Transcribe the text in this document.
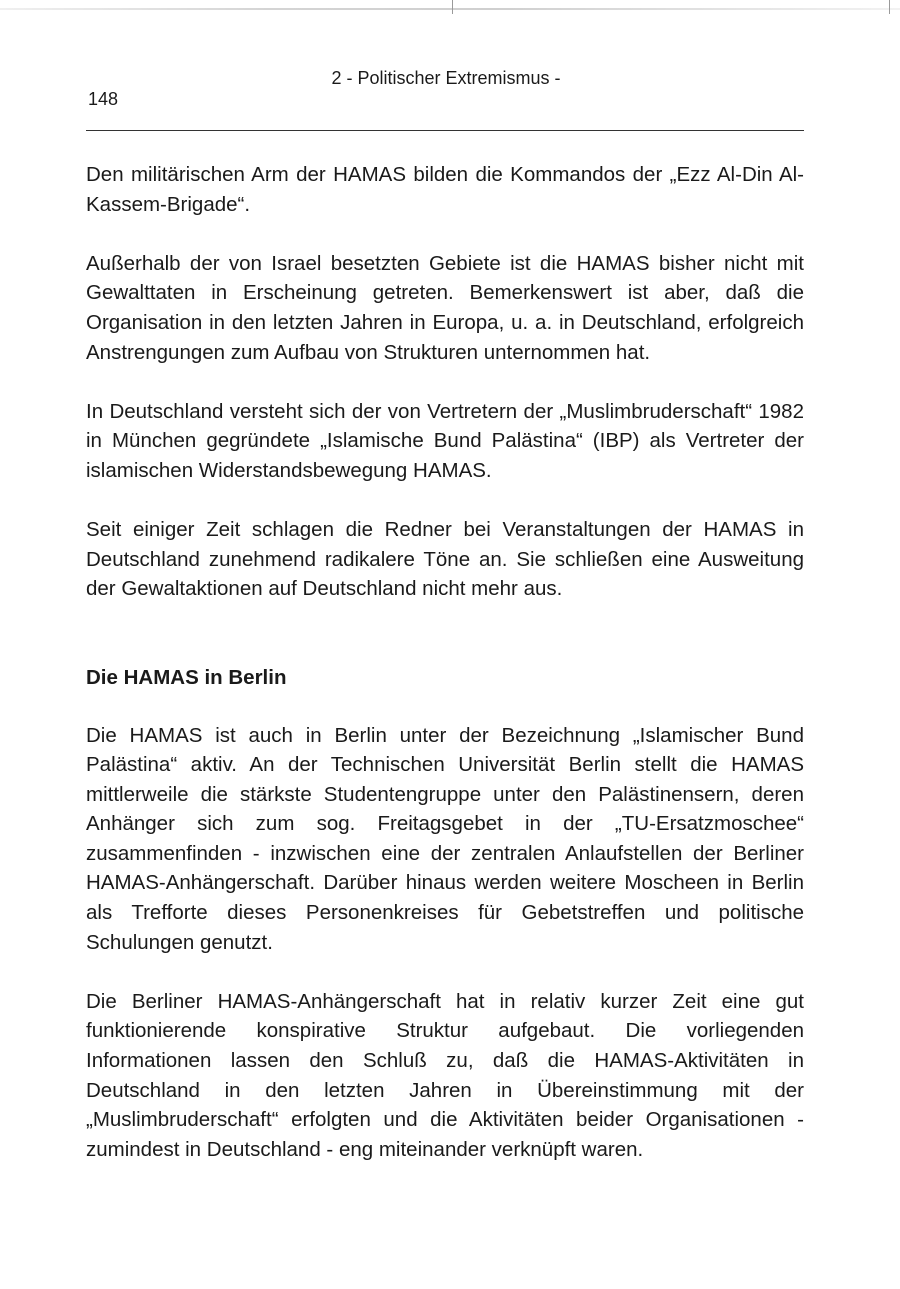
148
2 - Politischer Extremismus -

Den militärischen Arm der HAMAS bilden die Kommandos der „Ezz Al-Din Al-Kassem-Brigade“.

Außerhalb der von Israel besetzten Gebiete ist die HAMAS bisher nicht mit Gewalttaten in Erscheinung getreten. Bemerkenswert ist aber, daß die Organisation in den letzten Jahren in Europa, u. a. in Deutschland, erfolgreich Anstrengungen zum Aufbau von Strukturen unternommen hat.

In Deutschland versteht sich der von Vertretern der „Muslimbruderschaft“ 1982 in München gegründete „Islamische Bund Palästina“ (IBP) als Vertreter der islamischen Widerstandsbewegung HAMAS.

Seit einiger Zeit schlagen die Redner bei Veranstaltungen der HAMAS in Deutschland zunehmend radikalere Töne an. Sie schließen eine Ausweitung der Gewaltaktionen auf Deutschland nicht mehr aus.

Die HAMAS in Berlin

Die HAMAS ist auch in Berlin unter der Bezeichnung „Islamischer Bund Palästina“ aktiv. An der Technischen Universität Berlin stellt die HAMAS mittlerweile die stärkste Studentengruppe unter den Palästinensern, deren Anhänger sich zum sog. Freitagsgebet in der „TU-Ersatzmoschee“ zusammenfinden - inzwischen eine der zentralen Anlaufstellen der Berliner HAMAS-Anhängerschaft. Darüber hinaus werden weitere Moscheen in Berlin als Trefforte dieses Personenkreises für Gebetstreffen und politische Schulungen genutzt.

Die Berliner HAMAS-Anhängerschaft hat in relativ kurzer Zeit eine gut funktionierende konspirative Struktur aufgebaut. Die vorliegenden Informationen lassen den Schluß zu, daß die HAMAS-Aktivitäten in Deutschland in den letzten Jahren in Übereinstimmung mit der „Muslimbruderschaft“ erfolgten und die Aktivitäten beider Organisationen - zumindest in Deutschland - eng miteinander verknüpft waren.
